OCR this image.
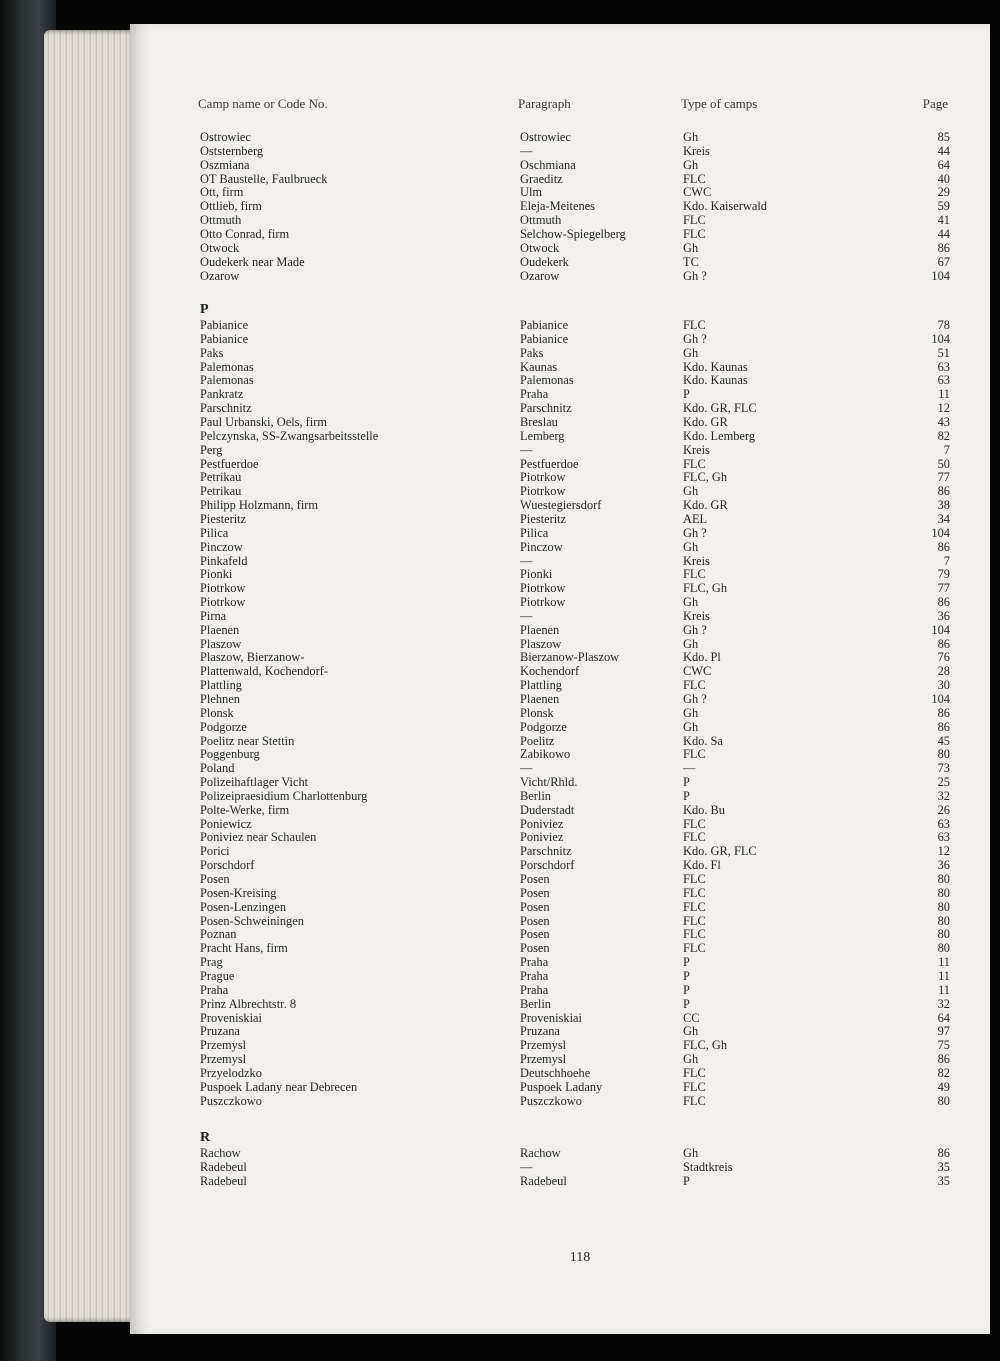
Camp name or Code No.	Paragraph	Type of camps	Page
Ostrowiec	Ostrowiec	Gh	85
Oststernberg	—	Kreis	44
Oszmiana	Oschmiana	Gh	64
OT Baustelle, Faulbrueck	Graeditz	FLC	40
Ott, firm	Ulm	CWC	29
Ottlieb, firm	Eleja-Meitenes	Kdo. Kaiserwald	59
Ottmuth	Ottmuth	FLC	41
Otto Conrad, firm	Selchow-Spiegelberg	FLC	44
Otwock	Otwock	Gh	86
Oudekerk near Made	Oudekerk	TC	67
Ozarow	Ozarow	Gh ?	104
P
Pabianice	Pabianice	FLC	78
Pabianice	Pabianice	Gh ?	104
Paks	Paks	Gh	51
Palemonas	Kaunas	Kdo. Kaunas	63
Palemonas	Palemonas	Kdo. Kaunas	63
Pankratz	Praha	P	11
Parschnitz	Parschnitz	Kdo. GR, FLC	12
Paul Urbanski, Oels, firm	Breslau	Kdo. GR	43
Pelczynska, SS-Zwangsarbeitsstelle	Lemberg	Kdo. Lemberg	82
Perg	—	Kreis	7
Pestfuerdoe	Pestfuerdoe	FLC	50
Petrikau	Piotrkow	FLC, Gh	77
Petrikau	Piotrkow	Gh	86
Philipp Holzmann, firm	Wuestegiersdorf	Kdo. GR	38
Piesteritz	Piesteritz	AEL	34
Pilica	Pilica	Gh ?	104
Pinczow	Pinczow	Gh	86
Pinkafeld	—	Kreis	7
Pionki	Pionki	FLC	79
Piotrkow	Piotrkow	FLC, Gh	77
Piotrkow	Piotrkow	Gh	86
Pirna	—	Kreis	36
Plaenen	Plaenen	Gh ?	104
Plaszow	Plaszow	Gh	86
Plaszow, Bierzanow-	Bierzanow-Plaszow	Kdo. Pl	76
Plattenwald, Kochendorf-	Kochendorf	CWC	28
Plattling	Plattling	FLC	30
Plehnen	Plaenen	Gh ?	104
Plonsk	Plonsk	Gh	86
Podgorze	Podgorze	Gh	86
Poelitz near Stettin	Poelitz	Kdo. Sa	45
Poggenburg	Zabikowo	FLC	80
Poland	—	—	73
Polizeihaftlager Vicht	Vicht/Rhld.	P	25
Polizeipraesidium Charlottenburg	Berlin	P	32
Polte-Werke, firm	Duderstadt	Kdo. Bu	26
Poniewicz	Poniviez	FLC	63
Poniviez near Schaulen	Poniviez	FLC	63
Porici	Parschnitz	Kdo. GR, FLC	12
Porschdorf	Porschdorf	Kdo. Fl	36
Posen	Posen	FLC	80
Posen-Kreising	Posen	FLC	80
Posen-Lenzingen	Posen	FLC	80
Posen-Schweiningen	Posen	FLC	80
Poznan	Posen	FLC	80
Pracht Hans, firm	Posen	FLC	80
Prag	Praha	P	11
Prague	Praha	P	11
Praha	Praha	P	11
Prinz Albrechtstr. 8	Berlin	P	32
Proveniskiai	Proveniskiai	CC	64
Pruzana	Pruzana	Gh	97
Przemysl	Przemysl	FLC, Gh	75
Przemysl	Przemysl	Gh	86
Przyelodzko	Deutschhoehe	FLC	82
Puspoek Ladany near Debrecen	Puspoek Ladany	FLC	49
Puszczkowo	Puszczkowo	FLC	80
R
Rachow	Rachow	Gh	86
Radebeul	—	Stadtkreis	35
Radebeul	Radebeul	P	35
118
